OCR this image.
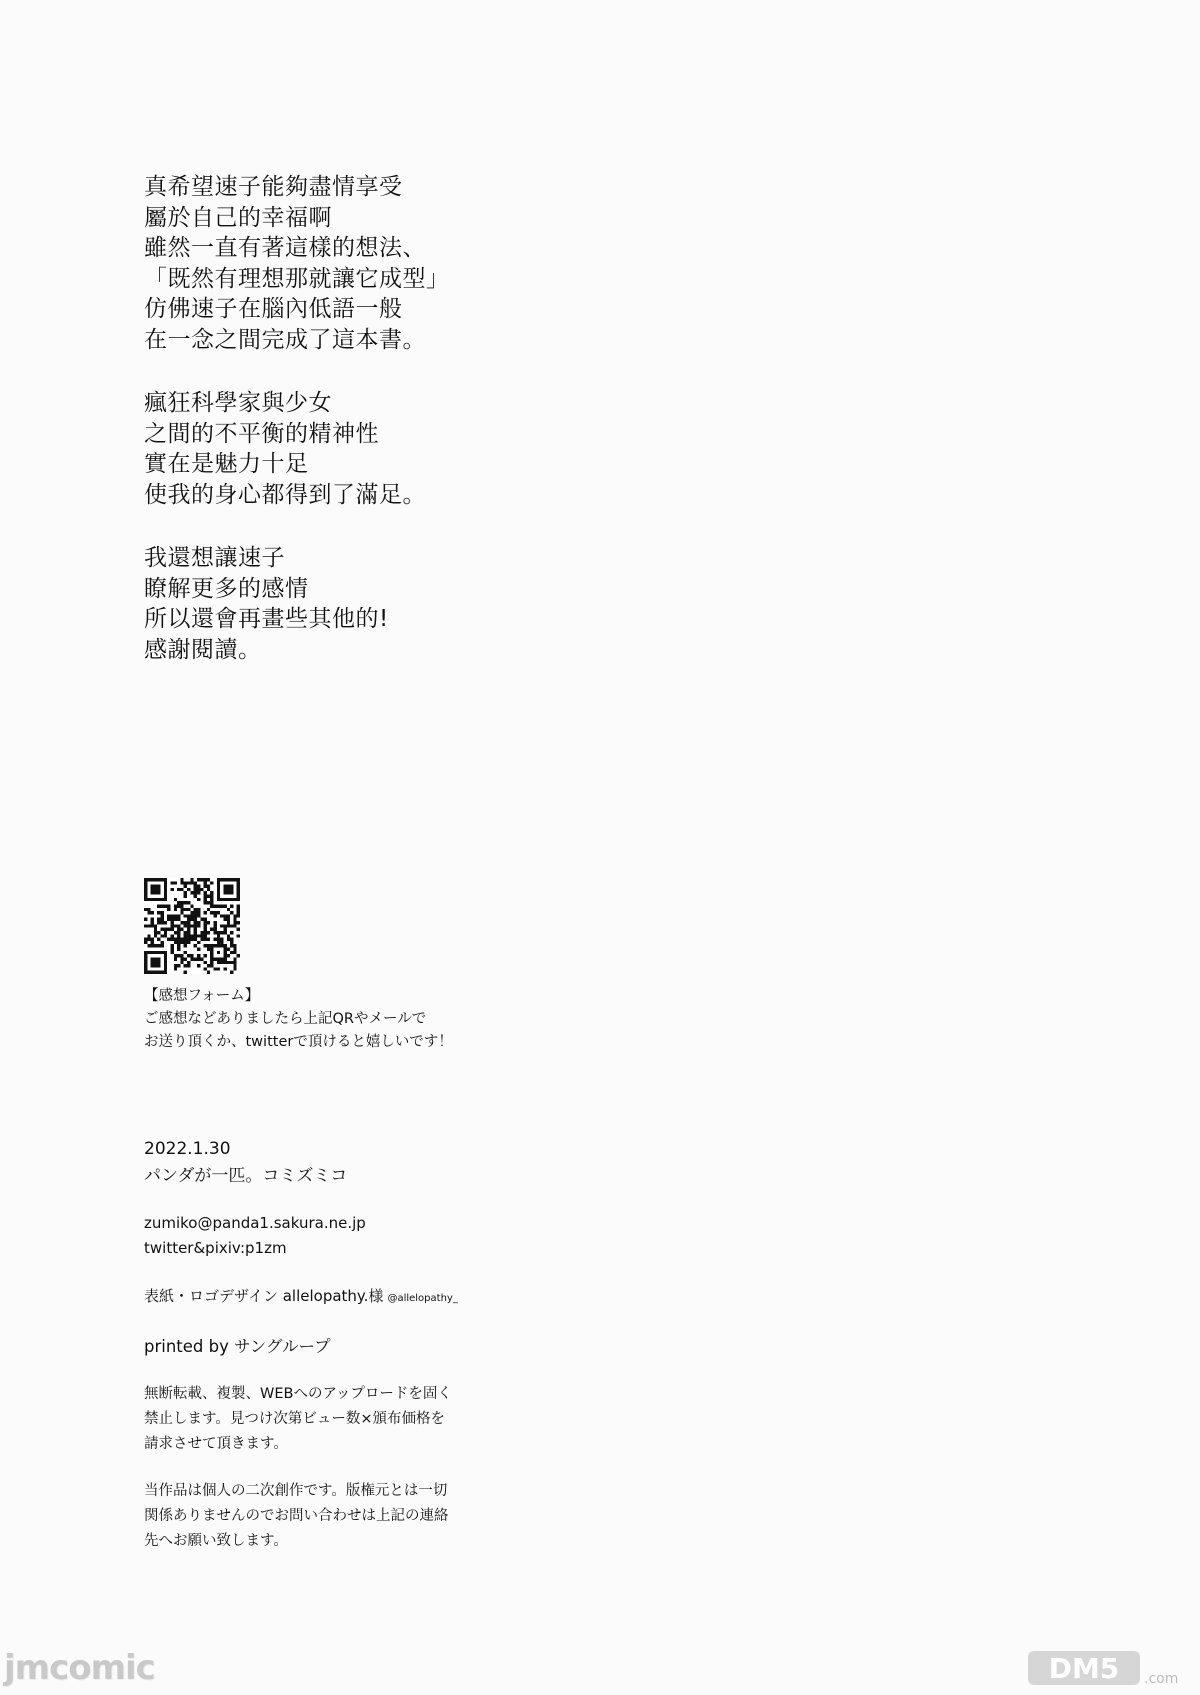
真希望速子能夠盡情享受
屬於自己的幸福啊
雖然一直有著這樣的想法、
「既然有理想那就讓它成型」
仿佛速子在腦內低語一般
在一念之間完成了這本書。
瘋狂科學家與少女
之間的不平衡的精神性
實在是魅力十足
使我的身心都得到了滿足。
我還想讓速子
瞭解更多的感情
所以還會再畫些其他的!
感謝閱讀。
【感想フォーム】
ご感想などありましたら上記QRやメールで
お送り頂くか、twitterで頂けると嬉しいです！
2022.1.30
パンダが一匹。コミズミコ
zumiko@panda1.sakura.ne.jp
twitter&pixiv:p1zm
表紙・ロゴデザイン allelopathy.様 @allelopathy_
printed by サングループ
無断転載、複製、WEBへのアップロードを固く
禁止します。見つけ次第ビュー数×頒布価格を
請求させて頂きます。
当作品は個人の二次創作です。版権元とは一切
関係ありませんのでお問い合わせは上記の連絡
先へお願い致します。
jmcomic	DM5 .com
